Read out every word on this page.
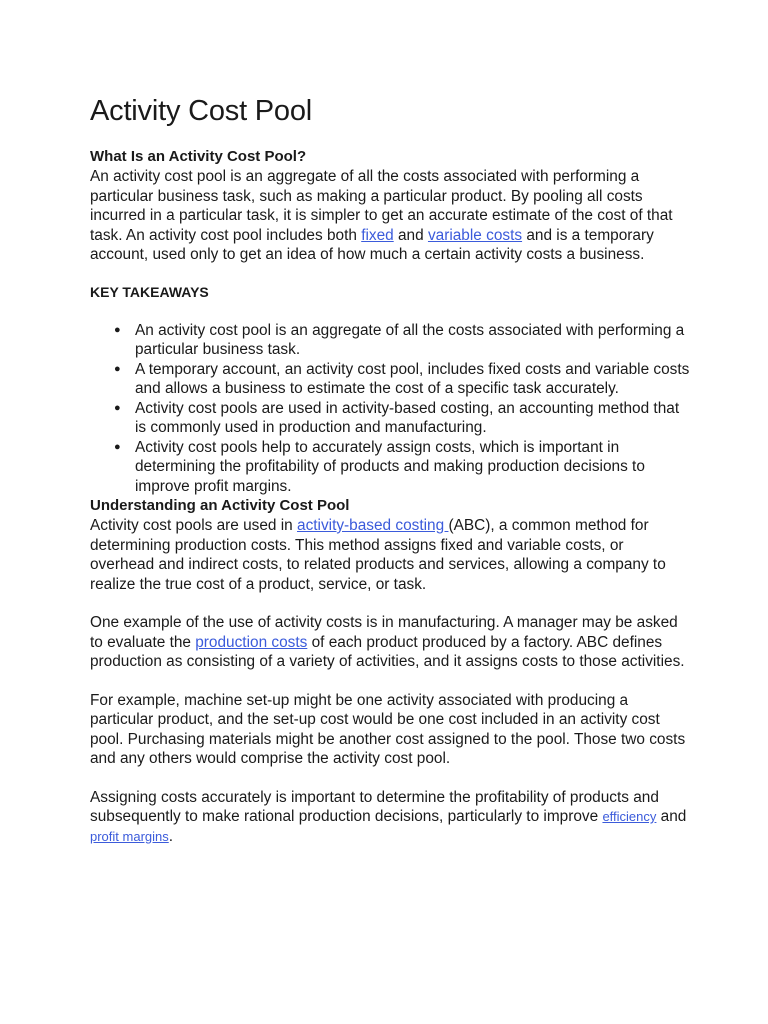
Activity Cost Pool
What Is an Activity Cost Pool?

An activity cost pool is an aggregate of all the costs associated with performing a particular business task, such as making a particular product. By pooling all costs incurred in a particular task, it is simpler to get an accurate estimate of the cost of that task. An activity cost pool includes both fixed and variable costs and is a temporary account, used only to get an idea of how much a certain activity costs a business.

KEY TAKEAWAYS
● An activity cost pool is an aggregate of all the costs associated with performing a particular business task.
● A temporary account, an activity cost pool, includes fixed costs and variable costs and allows a business to estimate the cost of a specific task accurately.
● Activity cost pools are used in activity-based costing, an accounting method that is commonly used in production and manufacturing.
● Activity cost pools help to accurately assign costs, which is important in determining the profitability of products and making production decisions to improve profit margins.
Understanding an Activity Cost Pool

Activity cost pools are used in activity-based costing (ABC), a common method for determining production costs. This method assigns fixed and variable costs, or overhead and indirect costs, to related products and services, allowing a company to realize the true cost of a product, service, or task.

One example of the use of activity costs is in manufacturing. A manager may be asked to evaluate the production costs of each product produced by a factory. ABC defines production as consisting of a variety of activities, and it assigns costs to those activities.

For example, machine set-up might be one activity associated with producing a particular product, and the set-up cost would be one cost included in an activity cost pool. Purchasing materials might be another cost assigned to the pool. Those two costs and any others would comprise the activity cost pool.

Assigning costs accurately is important to determine the profitability of products and subsequently to make rational production decisions, particularly to improve efficiency and profit margins.
